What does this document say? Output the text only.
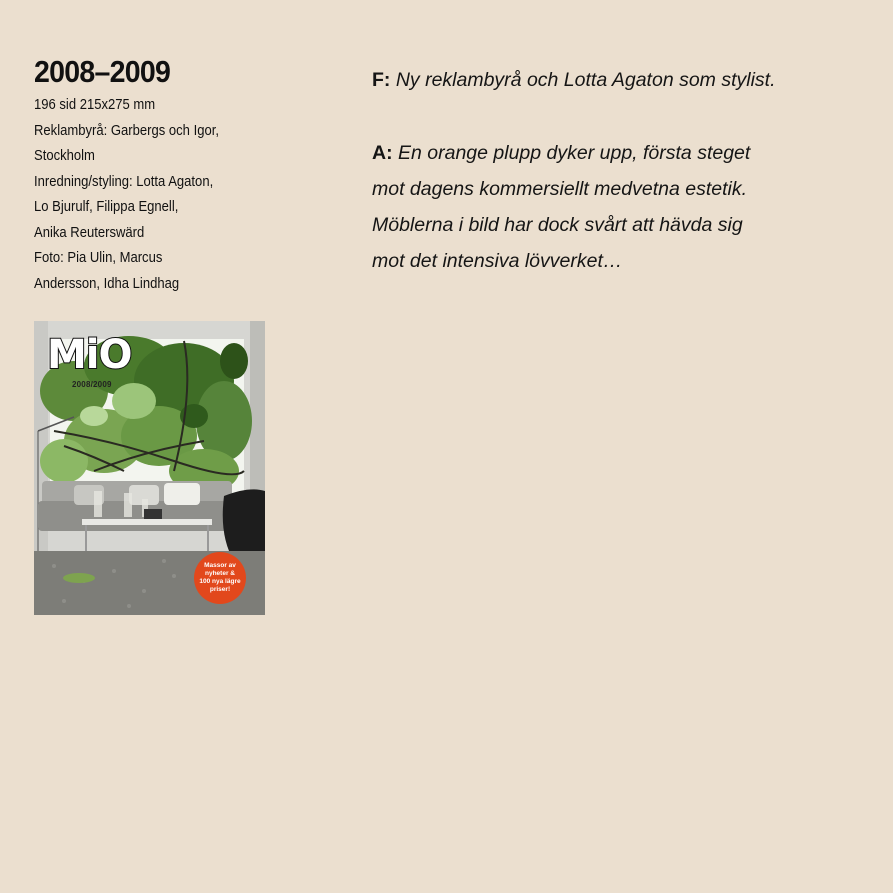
2008–2009
196 sid 215x275 mm
Reklambyrå: Garbergs och Igor,
Stockholm
Inredning/styling: Lotta Agaton,
Lo Bjurulf, Filippa Egnell,
Anika Reuterswärd
Foto: Pia Ulin, Marcus
Andersson, Idha Lindhag
MiO
2008/2009
Massor av
nyheter &
100 nya lägre
priser!
F: Ny reklambyrå och Lotta Agaton som stylist.
A: En orange plupp dyker upp, första steget
mot dagens kommersiellt medvetna estetik.
Möblerna i bild har dock svårt att hävda sig
mot det intensiva lövverket…
